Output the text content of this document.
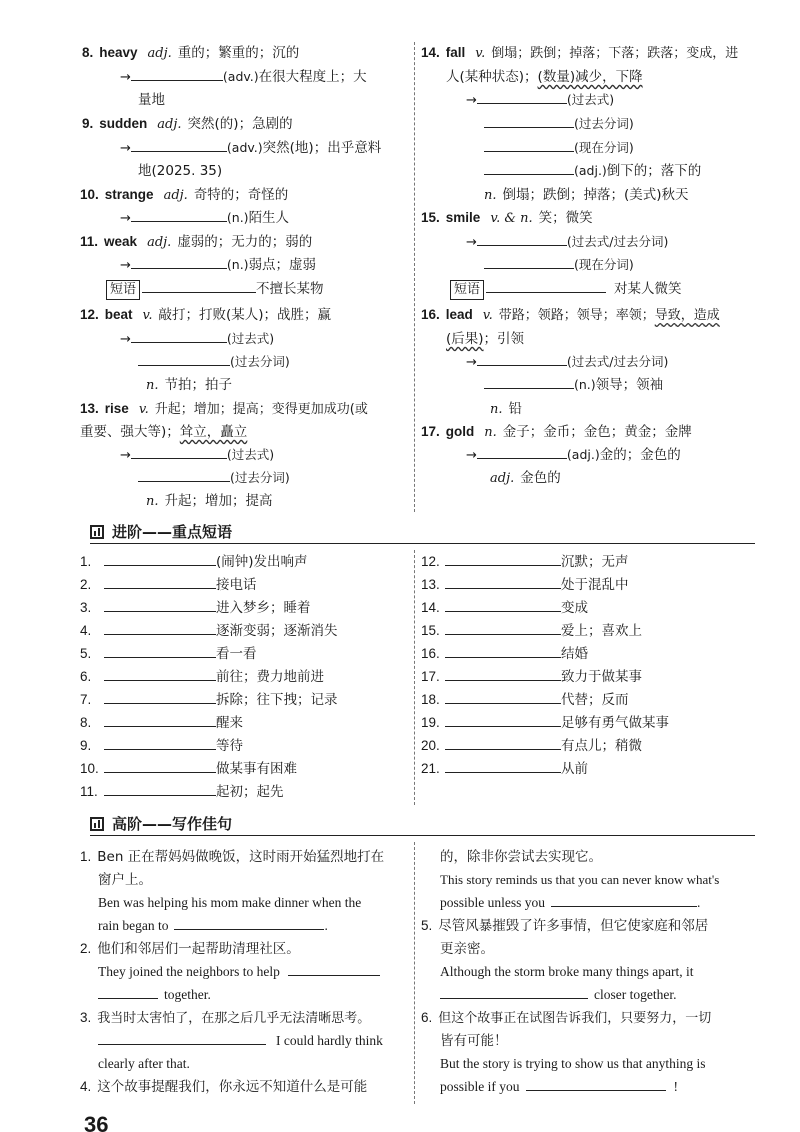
8. heavy adj. 重的；繁重的；沉的
→	(adv.)在很大程度上；大
量地
9. sudden adj. 突然(的)；急剧的
→	(adv.)突然(地)；出乎意料
地(2025. 35)
10. strange adj. 奇特的；奇怪的
→	(n.)陌生人
11. weak adj. 虚弱的；无力的；弱的
→	(n.)弱点；虚弱
短语	不擅长某物
12. beat v. 敲打；打败(某人)；战胜；赢
→	(过去式)
(过去分词)
n. 节拍；拍子
13. rise v. 升起；增加；提高；变得更加成功(或
重要、强大等)；耸立，矗立
→	(过去式)
(过去分词)
n. 升起；增加；提高
14. fall v. 倒塌；跌倒；掉落；下落；跌落；变成，进
人(某种状态)；(数量)减少，下降
→	(过去式)
(过去分词)
(现在分词)
(adj.)倒下的；落下的
n. 倒塌；跌倒；掉落；(美式)秋天
15. smile v. & n. 笑；微笑
→	(过去式/过去分词)
(现在分词)
短语	对某人微笑
16. lead v. 带路；领路；领导；率领；导致，造成
(后果)；引领
→	(过去式/过去分词)
(n.)领导；领袖
n. 铅
17. gold n. 金子；金币；金色；黄金；金牌
→	(adj.)金的；金色的
adj. 金色的
进阶——重点短语
1.	(闹钟)发出响声
2.	接电话
3.	进入梦乡；睡着
4.	逐渐变弱；逐渐消失
5.	看一看
6.	前往；费力地前进
7.	拆除；往下拽；记录
8.	醒来
9.	等待
10.	做某事有困难
11.	起初；起先
12.	沉默；无声
13.	处于混乱中
14.	变成
15.	爱上；喜欢上
16.	结婚
17.	致力于做某事
18.	代替；反而
19.	足够有勇气做某事
20.	有点儿；稍微
21.	从前
高阶——写作佳句
1. Ben 正在帮妈妈做晚饭，这时雨开始猛烈地打在
窗户上。
Ben was helping his mom make dinner when the
rain began to	.
2. 他们和邻居们一起帮助清理社区。
They joined the neighbors to help
together.
3. 我当时太害怕了，在那之后几乎无法清晰思考。
I could hardly think
clearly after that.
4. 这个故事提醒我们，你永远不知道什么是可能
的，除非你尝试去实现它。
This story reminds us that you can never know what's
possible unless you	.
5. 尽管风暴摧毁了许多事情，但它使家庭和邻居
更亲密。
Although the storm broke many things apart, it
closer together.
6. 但这个故事正在试图告诉我们，只要努力，一切
皆有可能！
But the story is trying to show us that anything is
possible if you	!
36
